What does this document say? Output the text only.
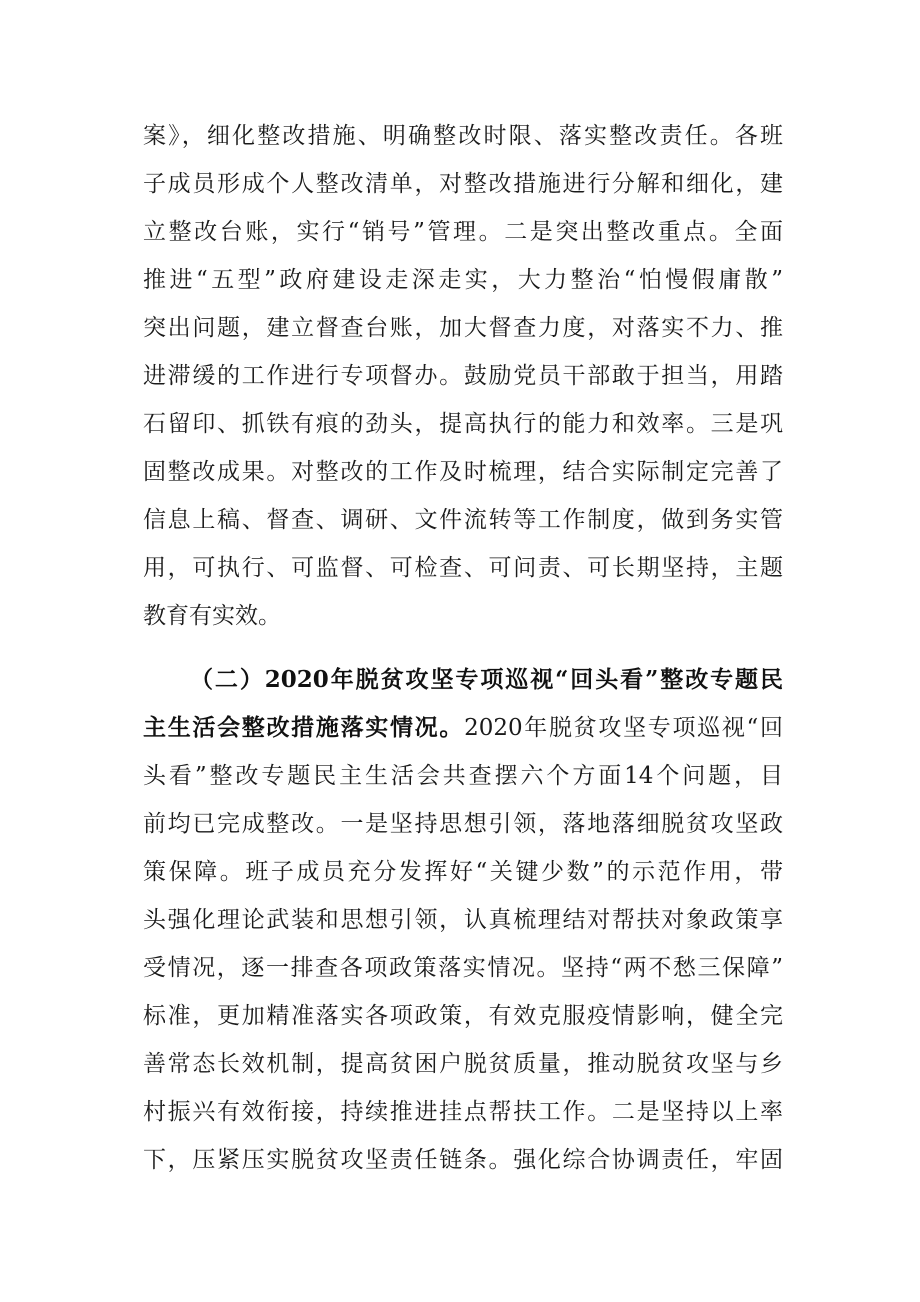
案》，细化整改措施、明确整改时限、落实整改责任。各班
子成员形成个人整改清单，对整改措施进行分解和细化，建
立整改台账，实行“销号”管理。二是突出整改重点。全面
推进“五型”政府建设走深走实，大力整治“怕慢假庸散”
突出问题，建立督查台账，加大督查力度，对落实不力、推
进滞缓的工作进行专项督办。鼓励党员干部敢于担当，用踏
石留印、抓铁有痕的劲头，提高执行的能力和效率。三是巩
固整改成果。对整改的工作及时梳理，结合实际制定完善了
信息上稿、督查、调研、文件流转等工作制度，做到务实管
用，可执行、可监督、可检查、可问责、可长期坚持，主题
教育有实效。
（二）2020年脱贫攻坚专项巡视“回头看”整改专题民
主生活会整改措施落实情况。2020年脱贫攻坚专项巡视“回
头看”整改专题民主生活会共查摆六个方面14个问题，目
前均已完成整改。一是坚持思想引领，落地落细脱贫攻坚政
策保障。班子成员充分发挥好“关键少数”的示范作用，带
头强化理论武装和思想引领，认真梳理结对帮扶对象政策享
受情况，逐一排查各项政策落实情况。坚持“两不愁三保障”
标准，更加精准落实各项政策，有效克服疫情影响，健全完
善常态长效机制，提高贫困户脱贫质量，推动脱贫攻坚与乡
村振兴有效衔接，持续推进挂点帮扶工作。二是坚持以上率
下，压紧压实脱贫攻坚责任链条。强化综合协调责任，牢固
